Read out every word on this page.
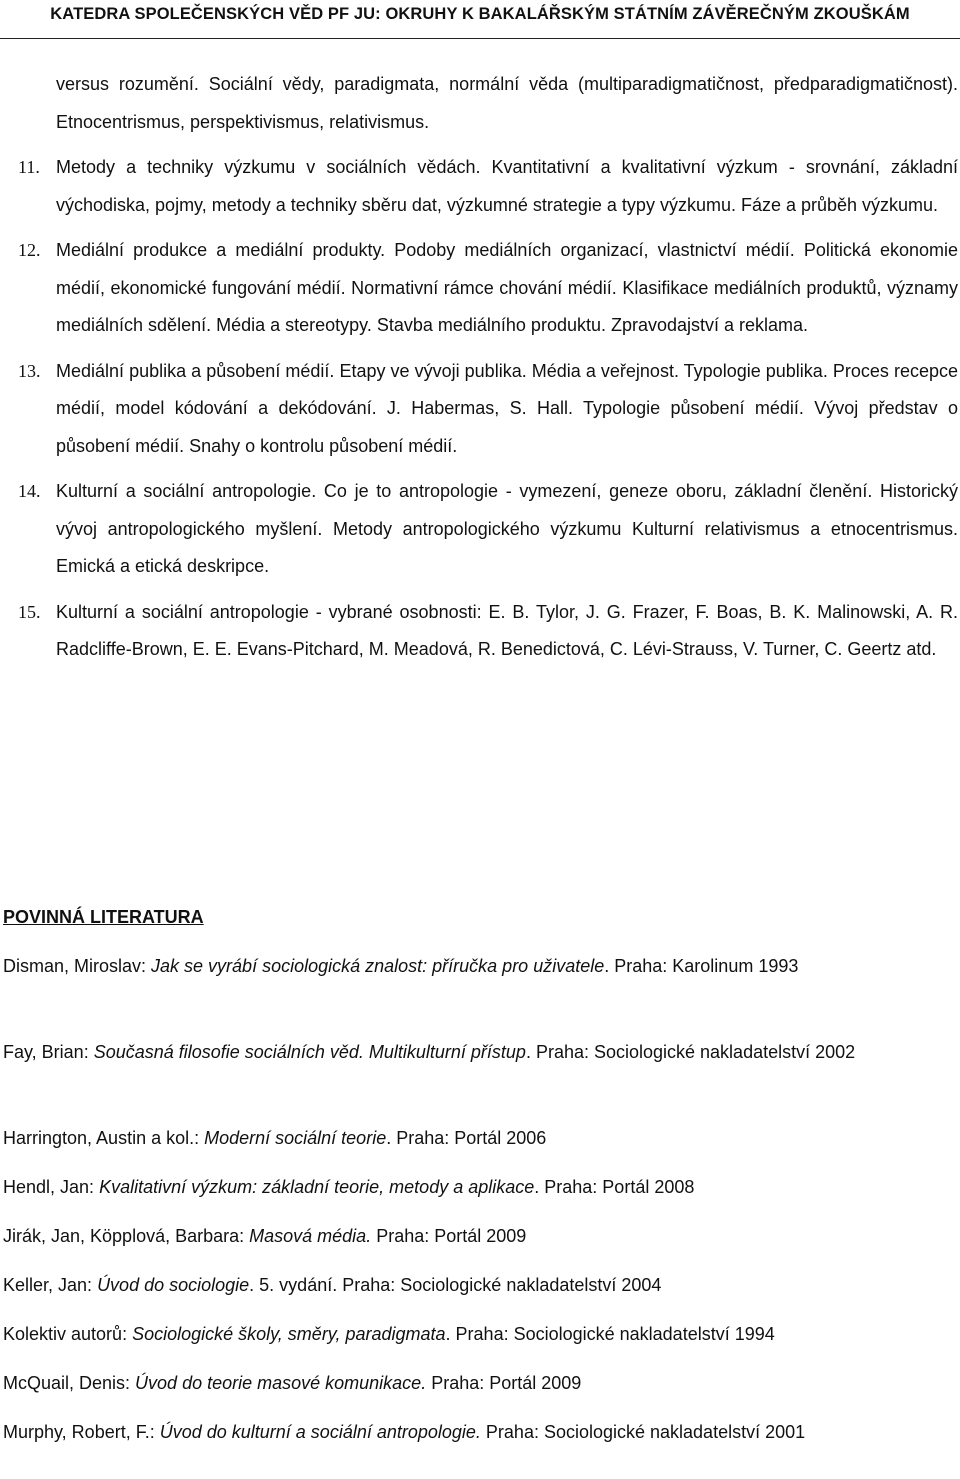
KATEDRA SPOLEČENSKÝCH VĚD PF JU: OKRUHY K BAKALÁŘSKÝM STÁTNÍM ZÁVĚREČNÝM ZKOUŠKÁM

versus rozumění. Sociální vědy, paradigmata, normální věda (multiparadigmatičnost, předparadigmatičnost). Etnocentrismus, perspektivismus, relativismus.

11. Metody a techniky výzkumu v sociálních vědách. Kvantitativní a kvalitativní výzkum - srovnání, základní východiska, pojmy, metody a techniky sběru dat, výzkumné strategie a typy výzkumu. Fáze a průběh výzkumu.

12. Mediální produkce a mediální produkty. Podoby mediálních organizací, vlastnictví médií. Politická ekonomie médií, ekonomické fungování médií. Normativní rámce chování médií. Klasifikace mediálních produktů, významy mediálních sdělení. Média a stereotypy. Stavba mediálního produktu. Zpravodajství a reklama.

13. Mediální publika a působení médií. Etapy ve vývoji publika. Média a veřejnost. Typologie publika. Proces recepce médií, model kódování a dekódování. J. Habermas, S. Hall. Typologie působení médií. Vývoj představ o působení médií. Snahy o kontrolu působení médií.

14. Kulturní a sociální antropologie. Co je to antropologie - vymezení, geneze oboru, základní členění. Historický vývoj antropologického myšlení. Metody antropologického výzkumu Kulturní relativismus a etnocentrismus. Emická a etická deskripce.

15. Kulturní a sociální antropologie - vybrané osobnosti: E. B. Tylor, J. G. Frazer, F. Boas, B. K. Malinowski, A. R. Radcliffe-Brown, E. E. Evans-Pitchard, M. Meadová, R. Benedictová, C. Lévi-Strauss, V. Turner, C. Geertz atd.

POVINNÁ LITERATURA
Disman, Miroslav: Jak se vyrábí sociologická znalost: příručka pro uživatele. Praha: Karolinum 1993
Fay, Brian: Současná filosofie sociálních věd. Multikulturní přístup. Praha: Sociologické nakladatelství 2002
Harrington, Austin a kol.: Moderní sociální teorie. Praha: Portál 2006
Hendl, Jan: Kvalitativní výzkum: základní teorie, metody a aplikace. Praha: Portál 2008
Jirák, Jan, Köpplová, Barbara: Masová média. Praha: Portál 2009
Keller, Jan: Úvod do sociologie. 5. vydání. Praha: Sociologické nakladatelství 2004
Kolektiv autorů: Sociologické školy, směry, paradigmata. Praha: Sociologické nakladatelství 1994
McQuail, Denis: Úvod do teorie masové komunikace. Praha: Portál 2009
Murphy, Robert, F.: Úvod do kulturní a sociální antropologie. Praha: Sociologické nakladatelství 2001
